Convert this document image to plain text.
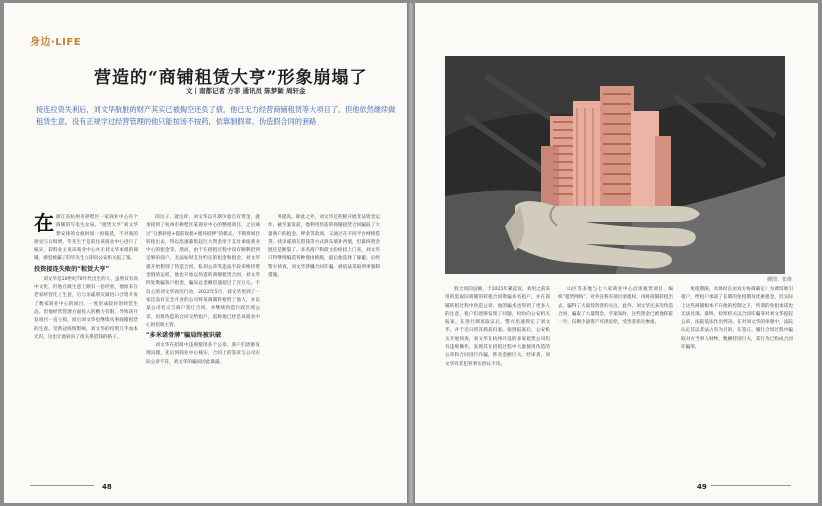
身边·LIFE
营造的“商铺租赁大亨”形象崩塌了
文丨南都记者 方菲 通讯员 陈梦颖 周轩金
接连拉资失利后，刘文华肮脏的财产其实已被掏空还负了债，他已无力经营商铺租赁等大项目了。但他依然继续做租赁生意，没有正规学过经营管理的他只能按汤不按药，依靠制假章、伪造假合同的套路
在 浙江省杭州市拱墅区一家商业中心有个商铺的写电生女局，“租赁大亨”刘文华想安排的女痕时间一再拖延，不对商的感受与日俱增，毕先生于是前往该商业中心进行了核实，彩料业主说该商业中心并无刘文华本租的商铺，感觉被骗了的毕先生立即向公安机关报了案。

投资接连失败的“租赁大亨”

刘文华是20世纪70年代出生的人，虽然仅有高中文化，但他在做生意上颇有一套经验，他原来在老家经营化工生意，后与亲戚朋友做进口合资开发了数家商业中心的项目，一度形成较好的经营生态，但他经营管理方面投入的精力有限，导致该开发项目一直亏损，而后刘文华也继续从事商铺租赁的生意。受新冠疫情影响，刘文华的投资几乎血本无归，这也让他转向了找关系借钱的路子。

的这子。就这样，刘文华以升期少量自有资金，就承接到了杭州市拱墅区某商业中心的整租项目，之后通过“分割转租+提前收租+循环抵押”的模式，不断将项目转租出去，得以迅速募集起巨大资金用于支付承租商业中心的租金等。然而，由于在招租过程中没有顺利招到足够的商户，无法如时支付约定的租金和租金，刘文华就开始想到了伪造合同、私刻公章等违法手段来维持资金链的运转，他也开始以伪造的商铺租赁合同，刘文华四处欺骗客户租金，骗局总金额迅速超过了百万元。不仅心的刘文华再次行动，2022年5月，刘文华用到了一家还没有完全开业的公司将某商铺转租给了他人，并以某公司名义与商户签订合同，并继续伪造行政区域公章，再将伪造的合同交给租户，谎称他已经是该商业中心的招商主管。

“多米诺骨牌”骗局终被识破

刘文华在招商中违规使用多个公章，商户们逐渐发现问题，先后到商业中心核实，合同上的签章与公司实际公章不符，刘文华的骗局因此暴露。

务提高。除此之外，刘文华还积极开展非法资金运作，截至案发前，他利用伪造的商铺租赁合同骗取了大量商户的租金、押金等款项，又通过在不同平台网络借贷、找亲戚朋友借钱等方式拆东墙补西墙，但最终资金链还是断裂了。多名商户和债主纷纷找上门来，刘文华只得继续编造各种理由推脱，最后他选择了躲避。后经警方侦查，刘文华涉嫌合同诈骗，被依法采取刑事强制措施。

48
插图：张维

股合同的总额，于2025年累起诉，刘用之前采用的套取旧商铺的转租合同欺骗多名租户，并在商铺转租过程中伪造公章，他的骗术也得到了更多人的注意，租户们逐渐发现了问题，纷纷向公安机关报案。在进行调查取证后，警方迅速锁定了刘文华，并于近日将其抓获归案。接到报案后，公安机关开展侦查，刘文华在杭州开设的多家租赁公司均有违规操作，发现其在招租过程中大量使用伪造的公章和合同进行诈骗，涉及金额巨大，经审查，刘文华对其犯罪事实供认不讳。

山区等多地与七八家商业中心洽谈租赁项目，编织“租赁网络”，对外宣称有项目承租权，再将商铺转租出去，骗得了大量投资者的关注。此外，刘文华还多次伪造合同，骗取了大量资金，至案发时，这些资金已被他挥霍一空，仅剩少量资产可供追偿，受害者损失惨重。

免租期限，具体时长由双方协商确定）为诱饵吸引租户，给租户承诺了长期的免租期及优惠租金，但实际上这些商铺根本不在他的控制之下，所谓的免租承诺也无法兑现。最终，检察机关以合同诈骗罪对刘文华提起公诉，法院依法作出判决。在对刘文华的审理中，法院认定其以非法占有为目的，在签订、履行合同过程中骗取对方当事人财物，数额特别巨大，其行为已构成合同诈骗罪。

49
